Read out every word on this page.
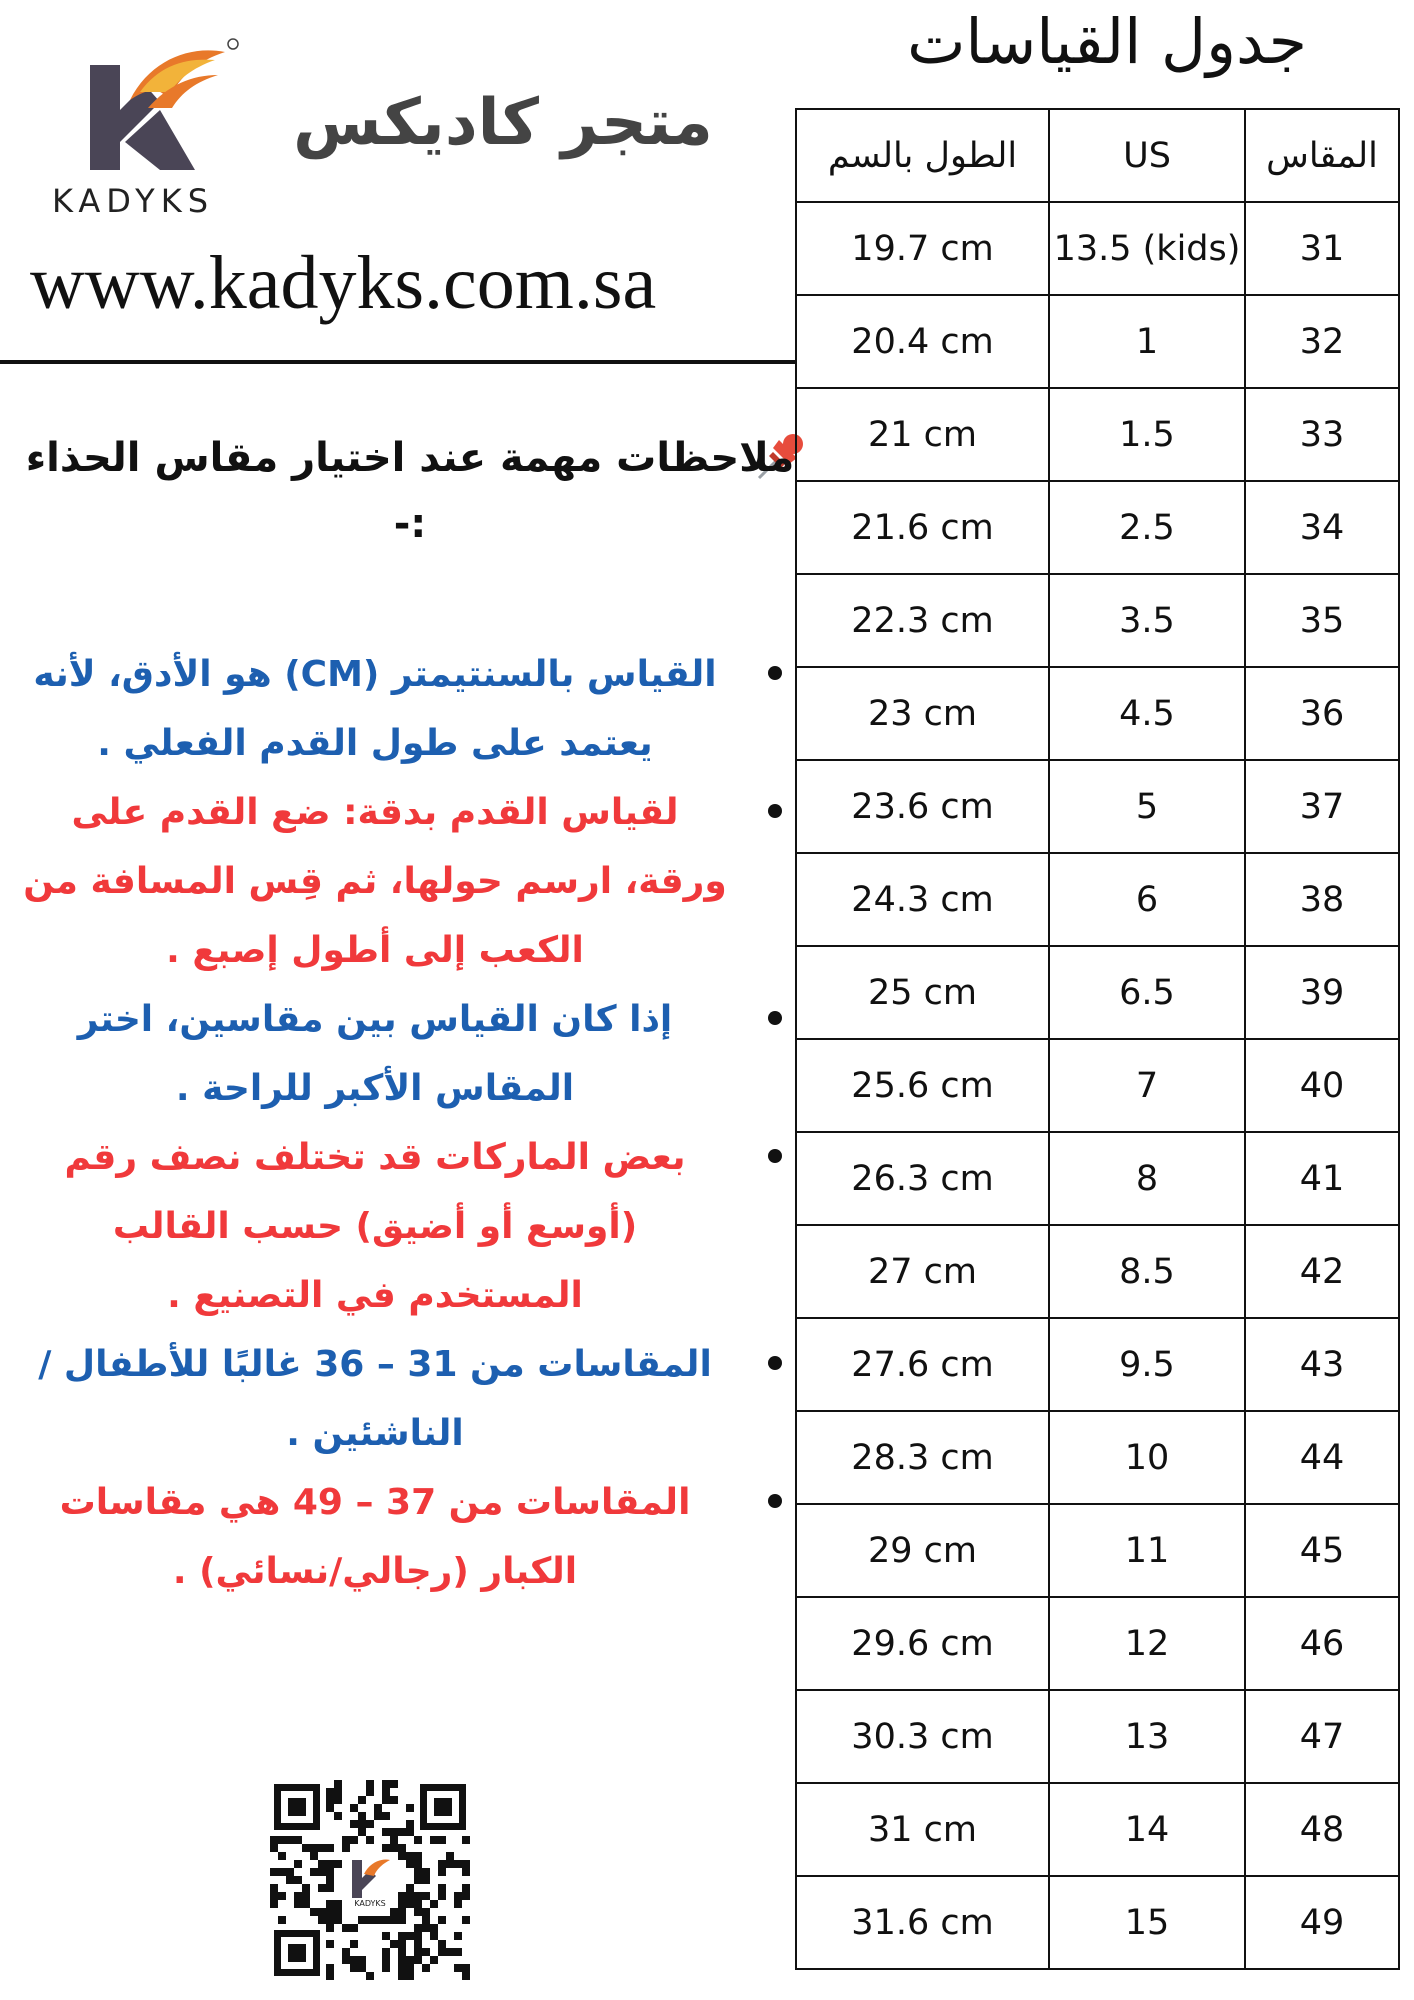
KADYKS
متجر كاديكس
www.kadyks.com.sa
ملاحظات مهمة عند اختيار مقاس الحذاء :-
القياس بالسنتيمتر (CM) هو الأدق، لأنه يعتمد على طول القدم الفعلي .
لقياس القدم بدقة: ضع القدم على ورقة، ارسم حولها، ثم قِس المسافة من الكعب إلى أطول إصبع .
إذا كان القياس بين مقاسين، اختر المقاس الأكبر للراحة .
بعض الماركات قد تختلف نصف رقم (أوسع أو أضيق) حسب القالب المستخدم في التصنيع .
المقاسات من 31 – 36 غالبًا للأطفال / الناشئين .
المقاسات من 37 – 49 هي مقاسات الكبار (رجالي/نسائي) .
KADYKS
جدول القياسات
الطول بالسم	US	المقاس
19.7 cm	13.5 (kids)	31
20.4 cm	1	32
21 cm	1.5	33
21.6 cm	2.5	34
22.3 cm	3.5	35
23 cm	4.5	36
23.6 cm	5	37
24.3 cm	6	38
25 cm	6.5	39
25.6 cm	7	40
26.3 cm	8	41
27 cm	8.5	42
27.6 cm	9.5	43
28.3 cm	10	44
29 cm	11	45
29.6 cm	12	46
30.3 cm	13	47
31 cm	14	48
31.6 cm	15	49
